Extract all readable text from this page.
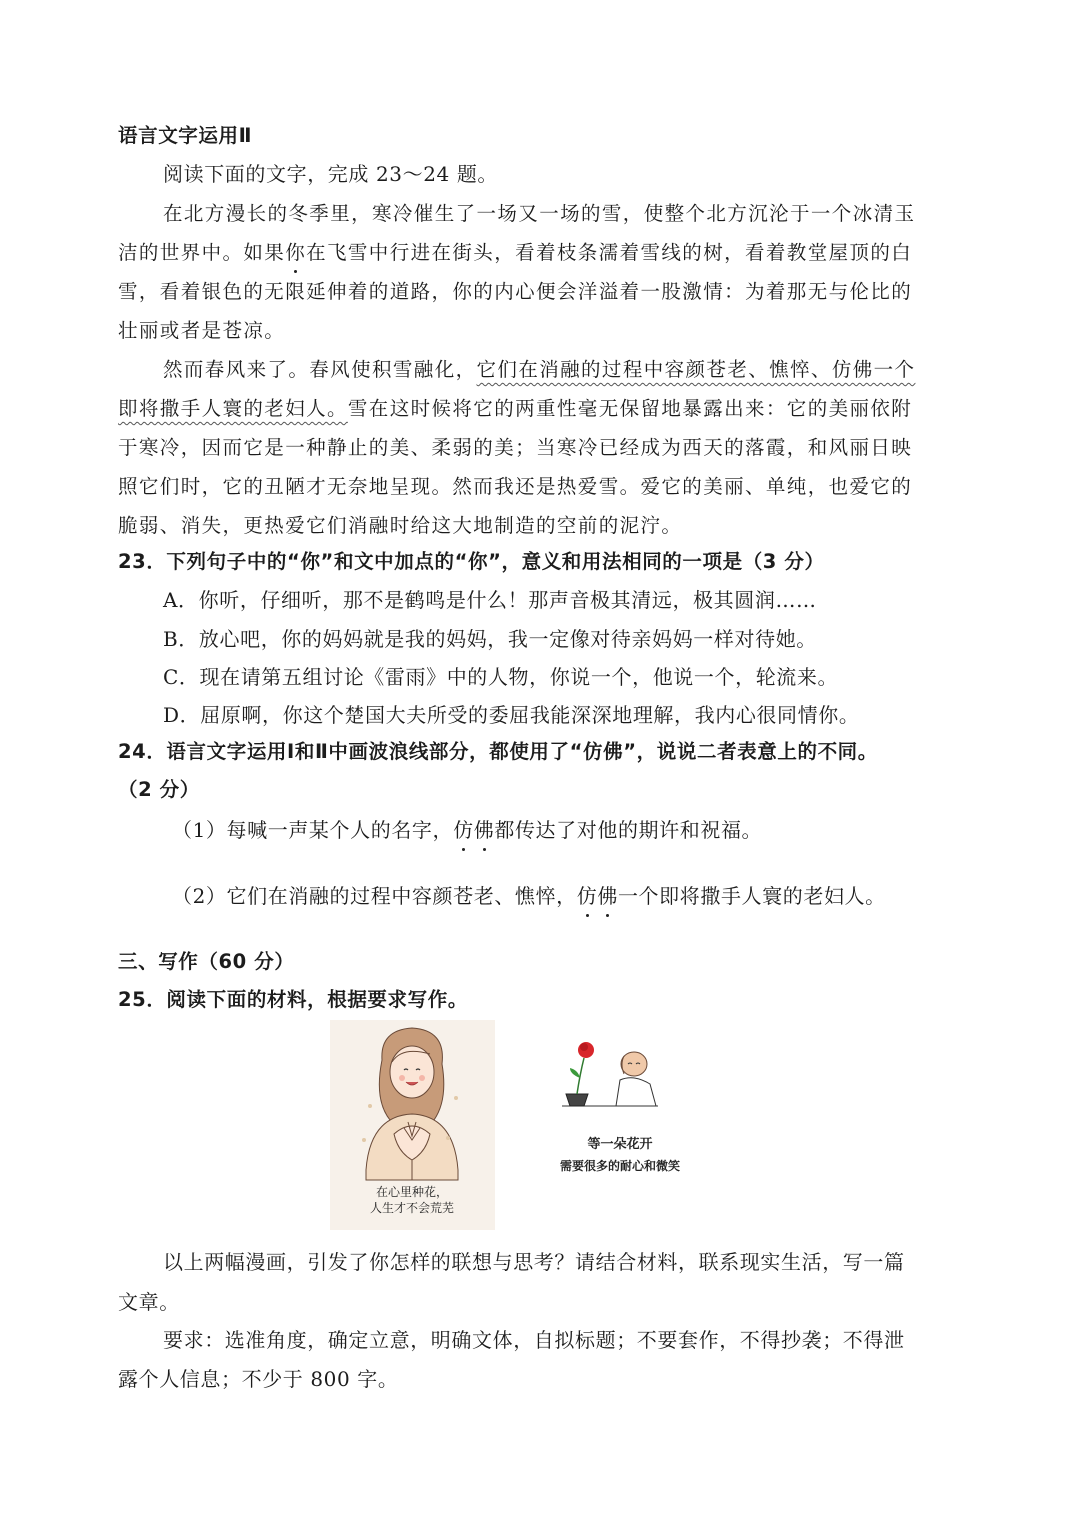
语言文字运用Ⅱ
阅读下面的文字，完成 23～24 题。
在北方漫长的冬季里，寒冷催生了一场又一场的雪，使整个北方沉沦于一个冰清玉
洁的世界中。如果你在飞雪中行进在街头，看着枝条濡着雪线的树，看着教堂屋顶的白
雪，看着银色的无限延伸着的道路，你的内心便会洋溢着一股激情：为着那无与伦比的
壮丽或者是苍凉。
然而春风来了。春风使积雪融化，它们在消融的过程中容颜苍老、憔悴、仿佛一个
即将撒手人寰的老妇人。雪在这时候将它的两重性毫无保留地暴露出来：它的美丽依附
于寒冷，因而它是一种静止的美、柔弱的美；当寒冷已经成为西天的落霞，和风丽日映
照它们时，它的丑陋才无奈地呈现。然而我还是热爱雪。爱它的美丽、单纯，也爱它的
脆弱、消失，更热爱它们消融时给这大地制造的空前的泥泞。
23．下列句子中的“你”和文中加点的“你”，意义和用法相同的一项是（3 分）
A．你听，仔细听，那不是鹤鸣是什么！那声音极其清远，极其圆润……
B．放心吧，你的妈妈就是我的妈妈，我一定像对待亲妈妈一样对待她。
C．现在请第五组讨论《雷雨》中的人物，你说一个，他说一个，轮流来。
D．屈原啊，你这个楚国大夫所受的委屈我能深深地理解，我内心很同情你。
24．语言文字运用Ⅰ和Ⅱ中画波浪线部分，都使用了“仿佛”，说说二者表意上的不同。
（2 分）
（1）每喊一声某个人的名字，仿佛都传达了对他的期许和祝福。
（2）它们在消融的过程中容颜苍老、憔悴，仿佛一个即将撒手人寰的老妇人。
三、写作（60 分）
25．阅读下面的材料，根据要求写作。
在心里种花，
人生才不会荒芜
等一朵花开
需要很多的耐心和微笑
以上两幅漫画，引发了你怎样的联想与思考？请结合材料，联系现实生活，写一篇
文章。
要求：选准角度，确定立意，明确文体，自拟标题；不要套作，不得抄袭；不得泄
露个人信息；不少于 800 字。
